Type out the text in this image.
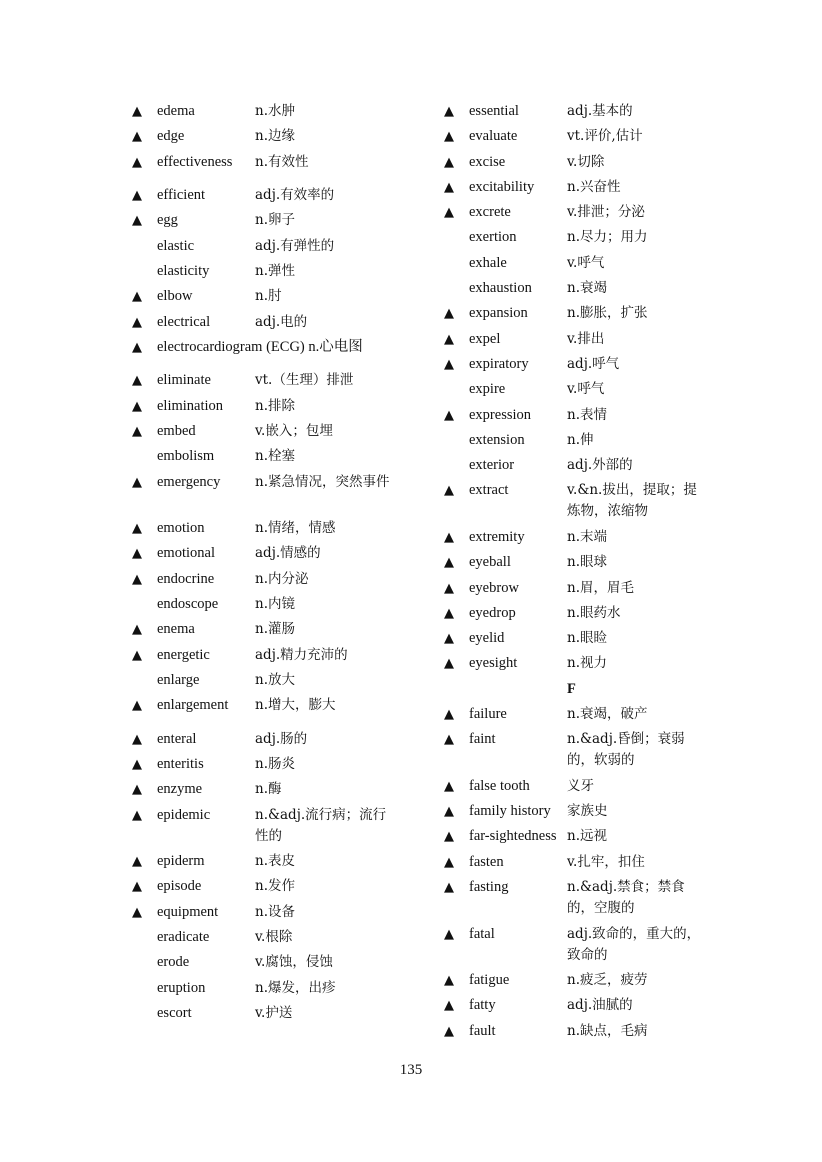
▲	edema	n.水肿
▲	edge	n.边缘
▲	effectiveness n.有效性
▲	efficient	adj.有效率的
▲	egg	n.卵子
elastic	adj.有弹性的
elasticity	n.弹性
▲	elbow	n.肘
▲	electrical	adj.电的
▲	electrocardiogram (ECG) n.心电图
▲	eliminate	vt.（生理）排泄
▲	elimination n.排除
▲	embed	v.嵌入；包埋
embolism	n.栓塞
▲	emergency	n.紧急情况，突然事件
▲	emotion	n.情绪，情感
▲	emotional	adj.情感的
▲	endocrine	n.内分泌
endoscope	n.内镜
▲	enema	n.灌肠
▲	energetic	adj.精力充沛的
enlarge	n.放大
▲	enlargement n.增大，膨大
▲	enteral	adj.肠的
▲	enteritis	n.肠炎
▲	enzyme	n.酶
▲	epidemic	n.&adj.流行病；流行性的
▲	epiderm	n.表皮
▲	episode	n.发作
▲	equipment	n.设备
eradicate	v.根除
erode	v.腐蚀，侵蚀
eruption	n.爆发，出疹
escort	v.护送
▲	essential	adj.基本的
▲	evaluate	vt.评价,估计
▲	excise	v.切除
▲	excitability n.兴奋性
▲	excrete	v.排泄；分泌
exertion	n.尽力；用力
exhale	v.呼气
exhaustion	n.衰竭
▲	expansion	n.膨胀，扩张
▲	expel	v.排出
▲	expiratory	adj.呼气
expire	v.呼气
▲	expression	n.表情
extension	n.伸
exterior	adj.外部的
▲	extract	v.&n.拔出，提取；提炼物，浓缩物
▲	extremity	n.末端
▲	eyeball	n.眼球
▲	eyebrow	n.眉，眉毛
▲	eyedrop	n.眼药水
▲	eyelid	n.眼睑
▲	eyesight	n.视力
F
▲	failure	n.衰竭，破产
▲	faint	n.&adj.昏倒；衰弱的，软弱的
▲	false tooth	义牙
▲	family history 家族史
▲	far-sightedness n.远视
▲	fasten	v.扎牢，扣住
▲	fasting	n.&adj.禁食；禁食的，空腹的
▲	fatal	adj.致命的，重大的，致命的
▲	fatigue	n.疲乏，疲劳
▲	fatty	adj.油腻的
▲	fault	n.缺点，毛病
135
